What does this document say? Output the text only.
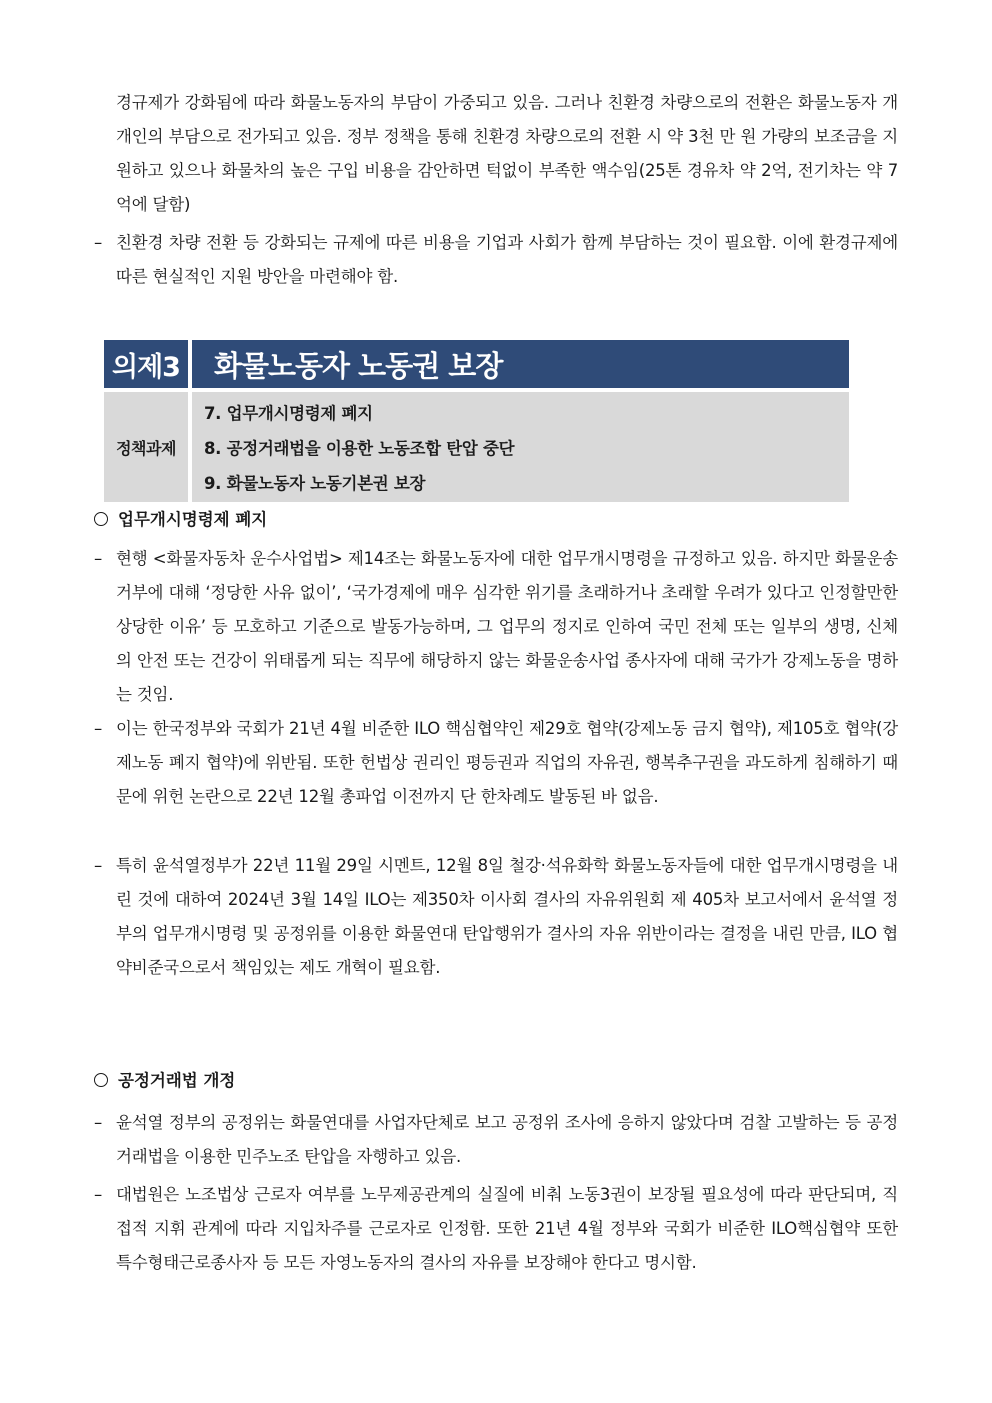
경규제가 강화됨에 따라 화물노동자의 부담이 가중되고 있음. 그러나 친환경 차량으로의 전환은 화물노동자 개개인의 부담으로 전가되고 있음. 정부 정책을 통해 친환경 차량으로의 전환 시 약 3천 만 원 가량의 보조금을 지원하고 있으나 화물차의 높은 구입 비용을 감안하면 턱없이 부족한 액수임(25톤 경유차 약 2억, 전기차는 약 7억에 달함)
– 친환경 차량 전환 등 강화되는 규제에 따른 비용을 기업과 사회가 함께 부담하는 것이 필요함. 이에 환경규제에 따른 현실적인 지원 방안을 마련해야 함.
의제3	화물노동자 노동권 보장
정책과제
7. 업무개시명령제 폐지
8. 공정거래법을 이용한 노동조합 탄압 중단
9. 화물노동자 노동기본권 보장
업무개시명령제 폐지
– 현행 <화물자동차 운수사업법> 제14조는 화물노동자에 대한 업무개시명령을 규정하고 있음. 하지만 화물운송 거부에 대해 ‘정당한 사유 없이’, ‘국가경제에 매우 심각한 위기를 초래하거나 초래할 우려가 있다고 인정할만한 상당한 이유’ 등 모호하고 기준으로 발동가능하며, 그 업무의 정지로 인하여 국민 전체 또는 일부의 생명, 신체의 안전 또는 건강이 위태롭게 되는 직무에 해당하지 않는 화물운송사업 종사자에 대해 국가가 강제노동을 명하는 것임.
– 이는 한국정부와 국회가 21년 4월 비준한 ILO 핵심협약인 제29호 협약(강제노동 금지 협약), 제105호 협약(강제노동 폐지 협약)에 위반됨. 또한 헌법상 권리인 평등권과 직업의 자유권, 행복추구권을 과도하게 침해하기 때문에 위헌 논란으로 22년 12월 총파업 이전까지 단 한차례도 발동된 바 없음.
– 특히 윤석열정부가 22년 11월 29일 시멘트, 12월 8일 철강·석유화학 화물노동자들에 대한 업무개시명령을 내린 것에 대하여 2024년 3월 14일 ILO는 제350차 이사회 결사의 자유위원회 제 405차 보고서에서 윤석열 정부의 업무개시명령 및 공정위를 이용한 화물연대 탄압행위가 결사의 자유 위반이라는 결정을 내린 만큼, ILO 협약비준국으로서 책임있는 제도 개혁이 필요함.
공정거래법 개정
– 윤석열 정부의 공정위는 화물연대를 사업자단체로 보고 공정위 조사에 응하지 않았다며 검찰 고발하는 등 공정거래법을 이용한 민주노조 탄압을 자행하고 있음.
– 대법원은 노조법상 근로자 여부를 노무제공관계의 실질에 비춰 노동3권이 보장될 필요성에 따라 판단되며, 직접적 지휘 관계에 따라 지입차주를 근로자로 인정함. 또한 21년 4월 정부와 국회가 비준한 ILO핵심협약 또한 특수형태근로종사자 등 모든 자영노동자의 결사의 자유를 보장해야 한다고 명시함.
